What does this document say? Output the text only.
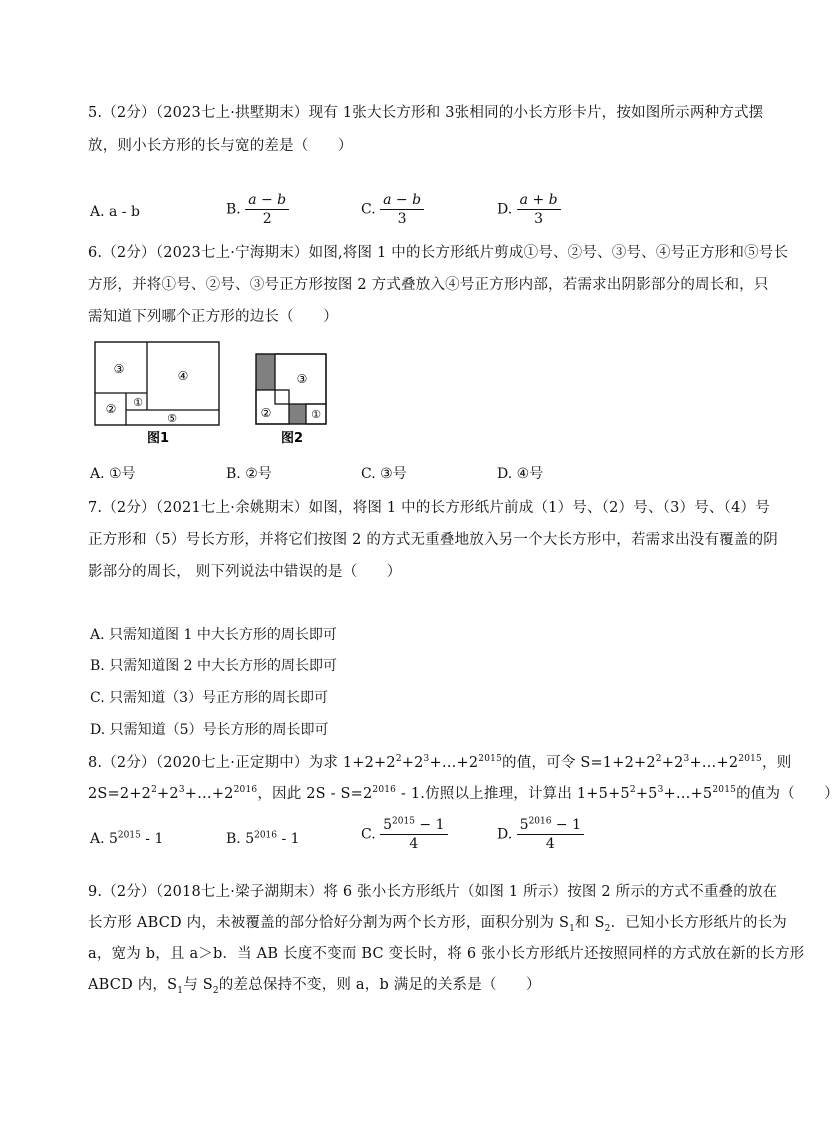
5.（2分）（2023七上·拱墅期末）现有 1张大长方形和 3张相同的小长方形卡片，按如图所示两种方式摆
放，则小长方形的长与宽的差是（　　）
A. a - b	B. $\frac{a - b}{2}$	C. $\frac{a - b}{3}$	D. $\frac{a + b}{3}$
6.（2分）（2023七上·宁海期末）如图,将图 1 中的长方形纸片剪成①号、②号、③号、④号正方形和⑤号长
方形，并将①号、②号、③号正方形按图 2 方式叠放入④号正方形内部，若需求出阴影部分的周长和，只
需知道下列哪个正方形的边长（　　）
③	④
② ①
⑤
图1
③
②	①
图2
A. ①号	B. ②号	C. ③号	D. ④号
7.（2分）（2021七上·余姚期末）如图，将图 1 中的长方形纸片前成（1）号、（2）号、（3）号、（4）号
正方形和（5）号长方形，并将它们按图 2 的方式无重叠地放入另一个大长方形中，若需求出没有覆盖的阴
影部分的周长， 则下列说法中错误的是（　　）
A. 只需知道图 1 中大长方形的周长即可
B. 只需知道图 2 中大长方形的周长即可
C. 只需知道（3）号正方形的周长即可
D. 只需知道（5）号长方形的周长即可
8.（2分）（2020七上·正定期中）为求 $1+2+2^2+2^3+\dots+2^{2015}$的值，可令 $S=1+2+2^2+2^3+\dots+2^{2015}$，则
$2S=2+2^2+2^3+\dots+2^{2016}$，因此 $2S - S=2^{2016} - 1$.仿照以上推理，计算出 $1+5+5^2+5^3+\dots+5^{2015}$的值为（　　）
A. $5^{2015} - 1$	B. $5^{2016} - 1$	C. $\frac{5^{2015} - 1}{4}$	D. $\frac{5^{2016} - 1}{4}$
9.（2分）（2018七上·梁子湖期末）将 6 张小长方形纸片（如图 1 所示）按图 2 所示的方式不重叠的放在
长方形 ABCD 内，未被覆盖的部分恰好分割为两个长方形，面积分别为 $S_1$和 $S_2$．已知小长方形纸片的长为
a，宽为 b，且 a＞b．当 AB 长度不变而 BC 变长时，将 6 张小长方形纸片还按照同样的方式放在新的长方形
ABCD 内，$S_1$与 $S_2$的差总保持不变，则 a，b 满足的关系是（　　）
